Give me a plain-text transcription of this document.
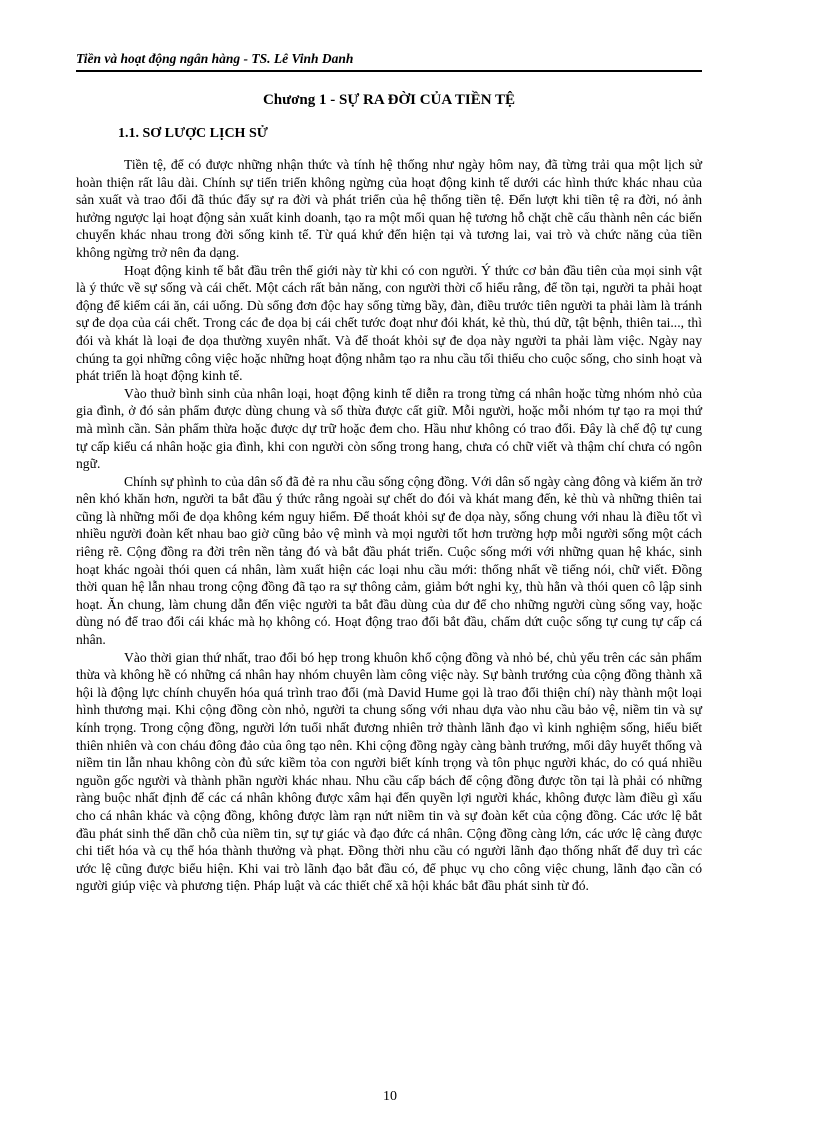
Tiền và hoạt động ngân hàng - TS. Lê Vinh Danh
Chương 1 - SỰ RA ĐỜI CỦA TIỀN TỆ
1.1. SƠ LƯỢC LỊCH SỬ

Tiền tệ, để có được những nhận thức và tính hệ thống như ngày hôm nay, đã từng trải qua một lịch sử hoàn thiện rất lâu dài. Chính sự tiến triển không ngừng của hoạt động kinh tế dưới các hình thức khác nhau của sản xuất và trao đổi đã thúc đẩy sự ra đời và phát triển của hệ thống tiền tệ. Đến lượt khi tiền tệ ra đời, nó ảnh hưởng ngược lại hoạt động sản xuất kinh doanh, tạo ra một mối quan hệ tương hỗ chặt chẽ cấu thành nên các biến chuyển khác nhau trong đời sống kinh tế. Từ quá khứ đến hiện tại và tương lai, vai trò và chức năng của tiền không ngừng trở nên đa dạng.

Hoạt động kinh tế bắt đầu trên thế giới này từ khi có con người. Ý thức cơ bản đầu tiên của mọi sinh vật là ý thức về sự sống và cái chết. Một cách rất bản năng, con người thời cổ hiểu rằng, để tồn tại, người ta phải hoạt động để kiếm cái ăn, cái uống. Dù sống đơn độc hay sống từng bầy, đàn, điều trước tiên người ta phải làm là tránh sự đe dọa của cái chết. Trong các đe dọa bị cái chết tước đoạt như đói khát, kẻ thù, thú dữ, tật bệnh, thiên tai..., thì đói và khát là loại đe dọa thường xuyên nhất. Và để thoát khỏi sự đe dọa này người ta phải làm việc. Ngày nay chúng ta gọi những công việc hoặc những hoạt động nhằm tạo ra nhu cầu tối thiểu cho cuộc sống, cho sinh hoạt và phát triển là hoạt động kinh tế.

Vào thuở bình sinh của nhân loại, hoạt động kinh tế diễn ra trong từng cá nhân hoặc từng nhóm nhỏ của gia đình, ở đó sản phẩm được dùng chung và số thừa được cất giữ. Mỗi người, hoặc mỗi nhóm tự tạo ra mọi thứ mà mình cần. Sản phẩm thừa hoặc được dự trữ hoặc đem cho. Hầu như không có trao đổi. Đây là chế độ tự cung tự cấp kiểu cá nhân hoặc gia đình, khi con người còn sống trong hang, chưa có chữ viết và thậm chí chưa có ngôn ngữ.

Chính sự phình to của dân số đã đẻ ra nhu cầu sống cộng đồng. Với dân số ngày càng đông và kiếm ăn trở nên khó khăn hơn, người ta bắt đầu ý thức rằng ngoài sự chết do đói và khát mang đến, kẻ thù và những thiên tai cũng là những mối đe dọa không kém nguy hiểm. Để thoát khỏi sự đe dọa này, sống chung với nhau là điều tốt vì nhiều người đoàn kết nhau bao giờ cũng bảo vệ mình và mọi người tốt hơn trường hợp mỗi người sống một cách riêng rẽ. Cộng đồng ra đời trên nền tảng đó và bắt đầu phát triển. Cuộc sống mới với những quan hệ khác, sinh hoạt khác ngoài thói quen cá nhân, làm xuất hiện các loại nhu cầu mới: thống nhất về tiếng nói, chữ viết. Đồng thời quan hệ lẫn nhau trong cộng đồng đã tạo ra sự thông cảm, giảm bớt nghi kỵ, thù hằn và thói quen cô lập sinh hoạt. Ăn chung, làm chung dẫn đến việc người ta bắt đầu dùng của dư để cho những người cùng sống vay, hoặc dùng nó để trao đổi cái khác mà họ không có. Hoạt động trao đổi bắt đầu, chấm dứt cuộc sống tự cung tự cấp cá nhân.

Vào thời gian thứ nhất, trao đổi bó hẹp trong khuôn khổ cộng đồng và nhỏ bé, chủ yếu trên các sản phẩm thừa và không hề có những cá nhân hay nhóm chuyên làm công việc này. Sự bành trướng của cộng đồng thành xã hội là động lực chính chuyển hóa quá trình trao đổi (mà David Hume gọi là trao đổi thiện chí) này thành một loại hình thương mại. Khi cộng đồng còn nhỏ, người ta chung sống với nhau dựa vào nhu cầu bảo vệ, niềm tin và sự kính trọng. Trong cộng đồng, người lớn tuổi nhất đương nhiên trở thành lãnh đạo vì kinh nghiệm sống, hiểu biết thiên nhiên và con cháu đông đảo của ông tạo nên. Khi cộng đồng ngày càng bành trướng, mối dây huyết thống và niềm tin lẫn nhau không còn đủ sức kiềm tỏa con người biết kính trọng và tôn phục người khác, do có quá nhiều nguồn gốc người và thành phần người khác nhau. Nhu cầu cấp bách để cộng đồng được tồn tại là phải có những ràng buộc nhất định để các cá nhân không được xâm hại đến quyền lợi người khác, không được làm điều gì xấu cho cá nhân khác và cộng đồng, không được làm rạn nứt niềm tin và sự đoàn kết của cộng đồng. Các ước lệ bắt đầu phát sinh thế dần chỗ của niềm tin, sự tự giác và đạo đức cá nhân. Cộng đồng càng lớn, các ước lệ càng được chi tiết hóa và cụ thể hóa thành thưởng và phạt. Đồng thời nhu cầu có người lãnh đạo thống nhất để duy trì các ước lệ cũng được biểu hiện. Khi vai trò lãnh đạo bắt đầu có, để phục vụ cho công việc chung, lãnh đạo cần có người giúp việc và phương tiện. Pháp luật và các thiết chế xã hội khác bắt đầu phát sinh từ đó.

10
